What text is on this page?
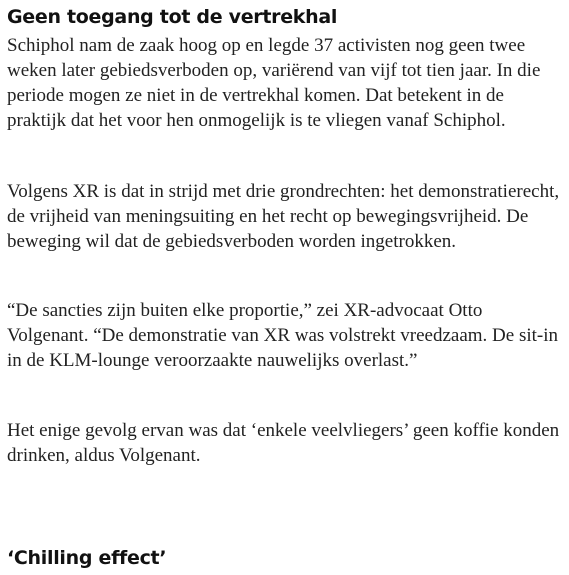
Geen toegang tot de vertrekhal

Schiphol nam de zaak hoog op en legde 37 activisten nog geen twee weken later gebiedsverboden op, variërend van vijf tot tien jaar. In die periode mogen ze niet in de vertrekhal komen. Dat betekent in de praktijk dat het voor hen onmogelijk is te vliegen vanaf Schiphol.

Volgens XR is dat in strijd met drie grondrechten: het demonstratierecht, de vrijheid van meningsuiting en het recht op bewegingsvrijheid. De beweging wil dat de gebiedsverboden worden ingetrokken.

“De sancties zijn buiten elke proportie,” zei XR-advocaat Otto Volgenant. “De demonstratie van XR was volstrekt vreedzaam. De sit-in in de KLM-lounge veroorzaakte nauwelijks overlast.”

Het enige gevolg ervan was dat ‘enkele veelvliegers’ geen koffie konden drinken, aldus Volgenant.

‘Chilling effect’
